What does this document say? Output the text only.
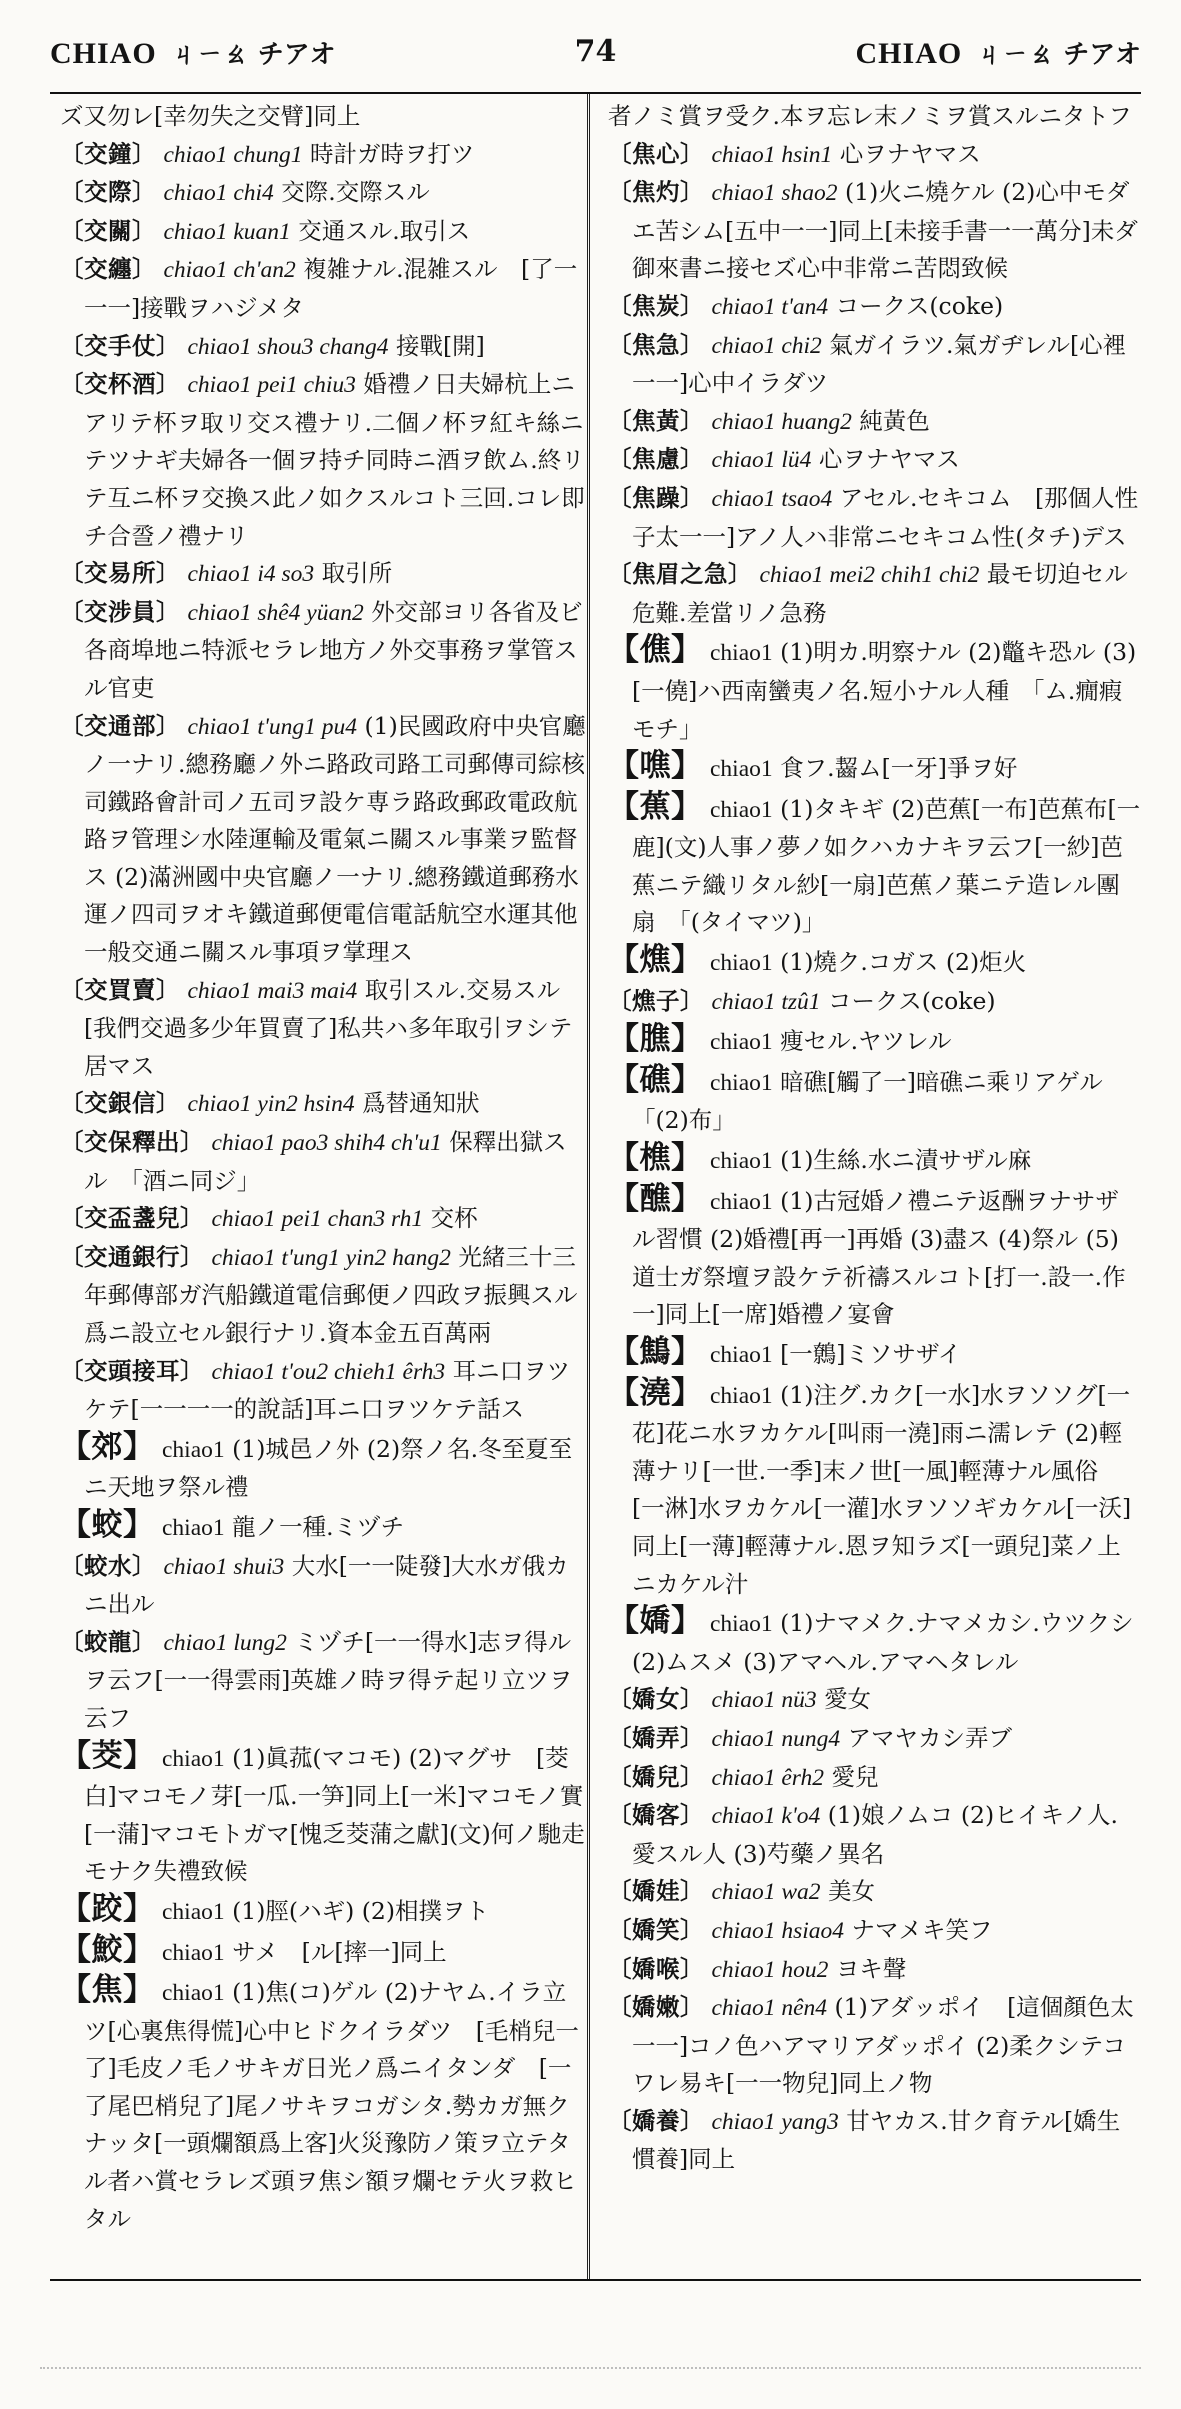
CHIAO ㄐㄧㄠ チアオ	74	CHIAO ㄐㄧㄠ チアオ

ズ又勿レ[幸勿失之交臂]同上

〔交鐘〕 chiao1 chung1 時計ガ時ヲ打ツ

〔交際〕 chiao1 chi4 交際.交際スル

〔交關〕 chiao1 kuan1 交通スル.取引ス

〔交纏〕 chiao1 ch'an2 複雑ナル.混雑スル　[了一一一]接戰ヲハジメタ

〔交手仗〕 chiao1 shou3 chang4 接戰[開]

〔交杯酒〕 chiao1 pei1 chiu3 婚禮ノ日夫婦杭上ニアリテ杯ヲ取リ交ス禮ナリ.二個ノ杯ヲ紅キ絲ニテツナギ夫婦各一個ヲ持チ同時ニ酒ヲ飲ム.終リテ互ニ杯ヲ交換ス此ノ如クスルコト三回.コレ即チ合巹ノ禮ナリ

〔交易所〕 chiao1 i4 so3 取引所

〔交涉員〕 chiao1 shê4 yüan2 外交部ヨリ各省及ビ各商埠地ニ特派セラレ地方ノ外交事務ヲ掌管スル官吏

〔交通部〕 chiao1 t'ung1 pu4 (1)民國政府中央官廳ノ一ナリ.總務廳ノ外ニ路政司路工司郵傳司綜核司鐵路會計司ノ五司ヲ設ケ専ラ路政郵政電政航路ヲ管理シ水陸運輸及電氣ニ關スル事業ヲ監督ス (2)滿洲國中央官廳ノ一ナリ.總務鐵道郵務水運ノ四司ヲオキ鐵道郵便電信電話航空水運其他一般交通ニ關スル事項ヲ掌理ス

〔交買賣〕 chiao1 mai3 mai4 取引スル.交易スル[我們交過多少年買賣了]私共ハ多年取引ヲシテ居マス

〔交銀信〕 chiao1 yin2 hsin4 爲替通知狀

〔交保釋出〕 chiao1 pao3 shih4 ch'u1 保釋出獄スル　「酒ニ同ジ」

〔交盃盞兒〕 chiao1 pei1 chan3 rh1 交杯

〔交通銀行〕 chiao1 t'ung1 yin2 hang2 光緒三十三年郵傳部ガ汽船鐵道電信郵便ノ四政ヲ振興スル爲ニ設立セル銀行ナリ.資本金五百萬兩

〔交頭接耳〕 chiao1 t'ou2 chieh1 êrh3 耳ニ口ヲツケテ[一一一一的說話]耳ニ口ヲツケテ話ス

【郊】 chiao1 (1)城邑ノ外 (2)祭ノ名.冬至夏至ニ天地ヲ祭ル禮

【蛟】 chiao1 龍ノ一種.ミヅチ

〔蛟水〕 chiao1 shui3 大水[一一陡發]大水ガ俄カニ出ル

〔蛟龍〕 chiao1 lung2 ミヅチ[一一得水]志ヲ得ルヲ云フ[一一得雲雨]英雄ノ時ヲ得テ起リ立ツヲ云フ

【茭】 chiao1 (1)眞菰(マコモ) (2)マグサ　[茭白]マコモノ芽[一瓜.一笋]同上[一米]マコモノ實[一蒲]マコモトガマ[愧乏茭蒲之獻](文)何ノ馳走モナク失禮致候

【跤】 chiao1 (1)脛(ハギ) (2)相撲ヲト

【鮫】 chiao1 サメ　[ル[摔一]同上

【焦】 chiao1 (1)焦(コ)ゲル (2)ナヤム.イラ立ツ[心裏焦得慌]心中ヒドクイラダツ　[毛梢兒一了]毛皮ノ毛ノサキガ日光ノ爲ニイタンダ　[一了尾巴梢兒了]尾ノサキヲコガシタ.勢カガ無クナッタ[一頭爛額爲上客]火災豫防ノ策ヲ立テタル者ハ賞セラレズ頭ヲ焦シ額ヲ爛セテ火ヲ救ヒタル

者ノミ賞ヲ受ク.本ヲ忘レ末ノミヲ賞スルニタトフ

〔焦心〕 chiao1 hsin1 心ヲナヤマス

〔焦灼〕 chiao1 shao2 (1)火ニ燒ケル (2)心中モダエ苦シム[五中一一]同上[未接手書一一萬分]未ダ御來書ニ接セズ心中非常ニ苦悶致候

〔焦炭〕 chiao1 t'an4 コークス(coke)

〔焦急〕 chiao1 chi2 氣ガイラツ.氣ガヂレル[心裡一一]心中イラダツ

〔焦黃〕 chiao1 huang2 純黃色

〔焦慮〕 chiao1 lü4 心ヲナヤマス

〔焦躁〕 chiao1 tsao4 アセル.セキコム　[那個人性子太一一]アノ人ハ非常ニセキコム性(タチ)デス

〔焦眉之急〕 chiao1 mei2 chih1 chi2 最モ切迫セル危難.差當リノ急務

【僬】 chiao1 (1)明カ.明察ナル (2)鼈キ恐ル (3)[一僥]ハ西南蠻夷ノ名.短小ナル人種　「ム.癇瘕モチ」

【噍】 chiao1 食フ.齧ム[一牙]爭ヲ好

【蕉】 chiao1 (1)タキギ (2)芭蕉[一布]芭蕉布[一鹿](文)人事ノ夢ノ如クハカナキヲ云フ[一紗]芭蕉ニテ織リタル紗[一扇]芭蕉ノ葉ニテ造レル團扇　「(タイマツ)」

【燋】 chiao1 (1)燒ク.コガス (2)炬火

〔燋子〕 chiao1 tzû1 コークス(coke)

【膲】 chiao1 痩セル.ヤツレル

【礁】 chiao1 暗礁[觸了一]暗礁ニ乘リアゲル　「(2)布」

【樵】 chiao1 (1)生絲.水ニ漬サザル麻

【醮】 chiao1 (1)古冠婚ノ禮ニテ返酬ヲナサザル習慣 (2)婚禮[再一]再婚 (3)盡ス (4)祭ル (5)道士ガ祭壇ヲ設ケテ祈禱スルコト[打一.設一.作一]同上[一席]婚禮ノ宴會

【鷦】 chiao1 [一鷯]ミソサザイ

【澆】 chiao1 (1)注グ.カク[一水]水ヲソソグ[一花]花ニ水ヲカケル[叫雨一澆]雨ニ濡レテ (2)輕薄ナリ[一世.一季]末ノ世[一風]輕薄ナル風俗　[一淋]水ヲカケル[一灌]水ヲソソギカケル[一沃]同上[一薄]輕薄ナル.恩ヲ知ラズ[一頭兒]菜ノ上ニカケル汁

【嬌】 chiao1 (1)ナマメク.ナマメカシ.ウツクシ (2)ムスメ (3)アマヘル.アマヘタレル

〔嬌女〕 chiao1 nü3 愛女

〔嬌弄〕 chiao1 nung4 アマヤカシ弄ブ

〔嬌兒〕 chiao1 êrh2 愛兒

〔嬌客〕 chiao1 k'o4 (1)娘ノムコ (2)ヒイキノ人.愛スル人 (3)芍藥ノ異名

〔嬌娃〕 chiao1 wa2 美女

〔嬌笑〕 chiao1 hsiao4 ナマメキ笑フ

〔嬌喉〕 chiao1 hou2 ヨキ聲

〔嬌嫩〕 chiao1 nên4 (1)アダッポイ　[這個顏色太一一]コノ色ハアマリアダッポイ (2)柔クシテコワレ易キ[一一物兒]同上ノ物

〔嬌養〕 chiao1 yang3 甘ヤカス.甘ク育テル[嬌生慣養]同上
